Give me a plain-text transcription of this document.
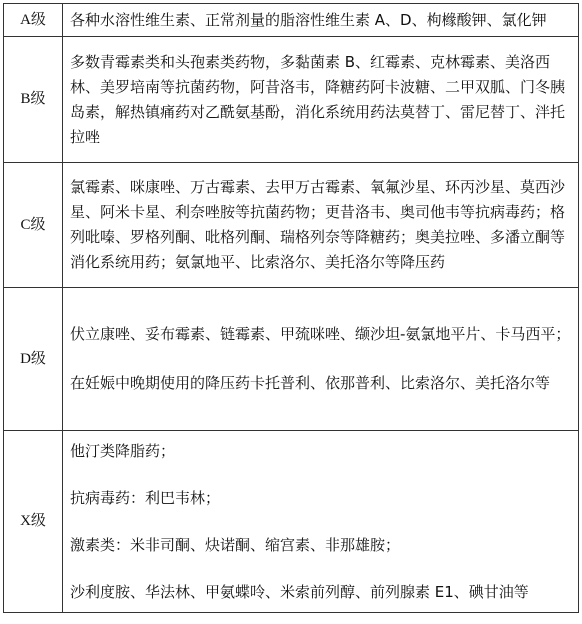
A级	各种水溶性维生素、正常剂量的脂溶性维生素 A、D、枸橼酸钾、氯化钾

B级	多数青霉素类和头孢素类药物，多黏菌素 B、红霉素、克林霉素、美洛西林、美罗培南等抗菌药物，阿昔洛韦，降糖药阿卡波糖、二甲双胍、门冬胰岛素，解热镇痛药对乙酰氨基酚，消化系统用药法莫替丁、雷尼替丁、泮托拉唑

C级	氯霉素、咪康唑、万古霉素、去甲万古霉素、氧氟沙星、环丙沙星、莫西沙星、阿米卡星、利奈唑胺等抗菌药物；更昔洛韦、奥司他韦等抗病毒药；格列吡嗪、罗格列酮、吡格列酮、瑞格列奈等降糖药；奥美拉唑、多潘立酮等消化系统用药；氨氯地平、比索洛尔、美托洛尔等降压药

D级	伏立康唑、妥布霉素、链霉素、甲巯咪唑、缬沙坦-氨氯地平片、卡马西平；

在妊娠中晚期使用的降压药卡托普利、依那普利、比索洛尔、美托洛尔等

X级	他汀类降脂药；

抗病毒药：利巴韦林；

激素类：米非司酮、炔诺酮、缩宫素、非那雄胺；

沙利度胺、华法林、甲氨蝶呤、米索前列醇、前列腺素 E1、碘甘油等
